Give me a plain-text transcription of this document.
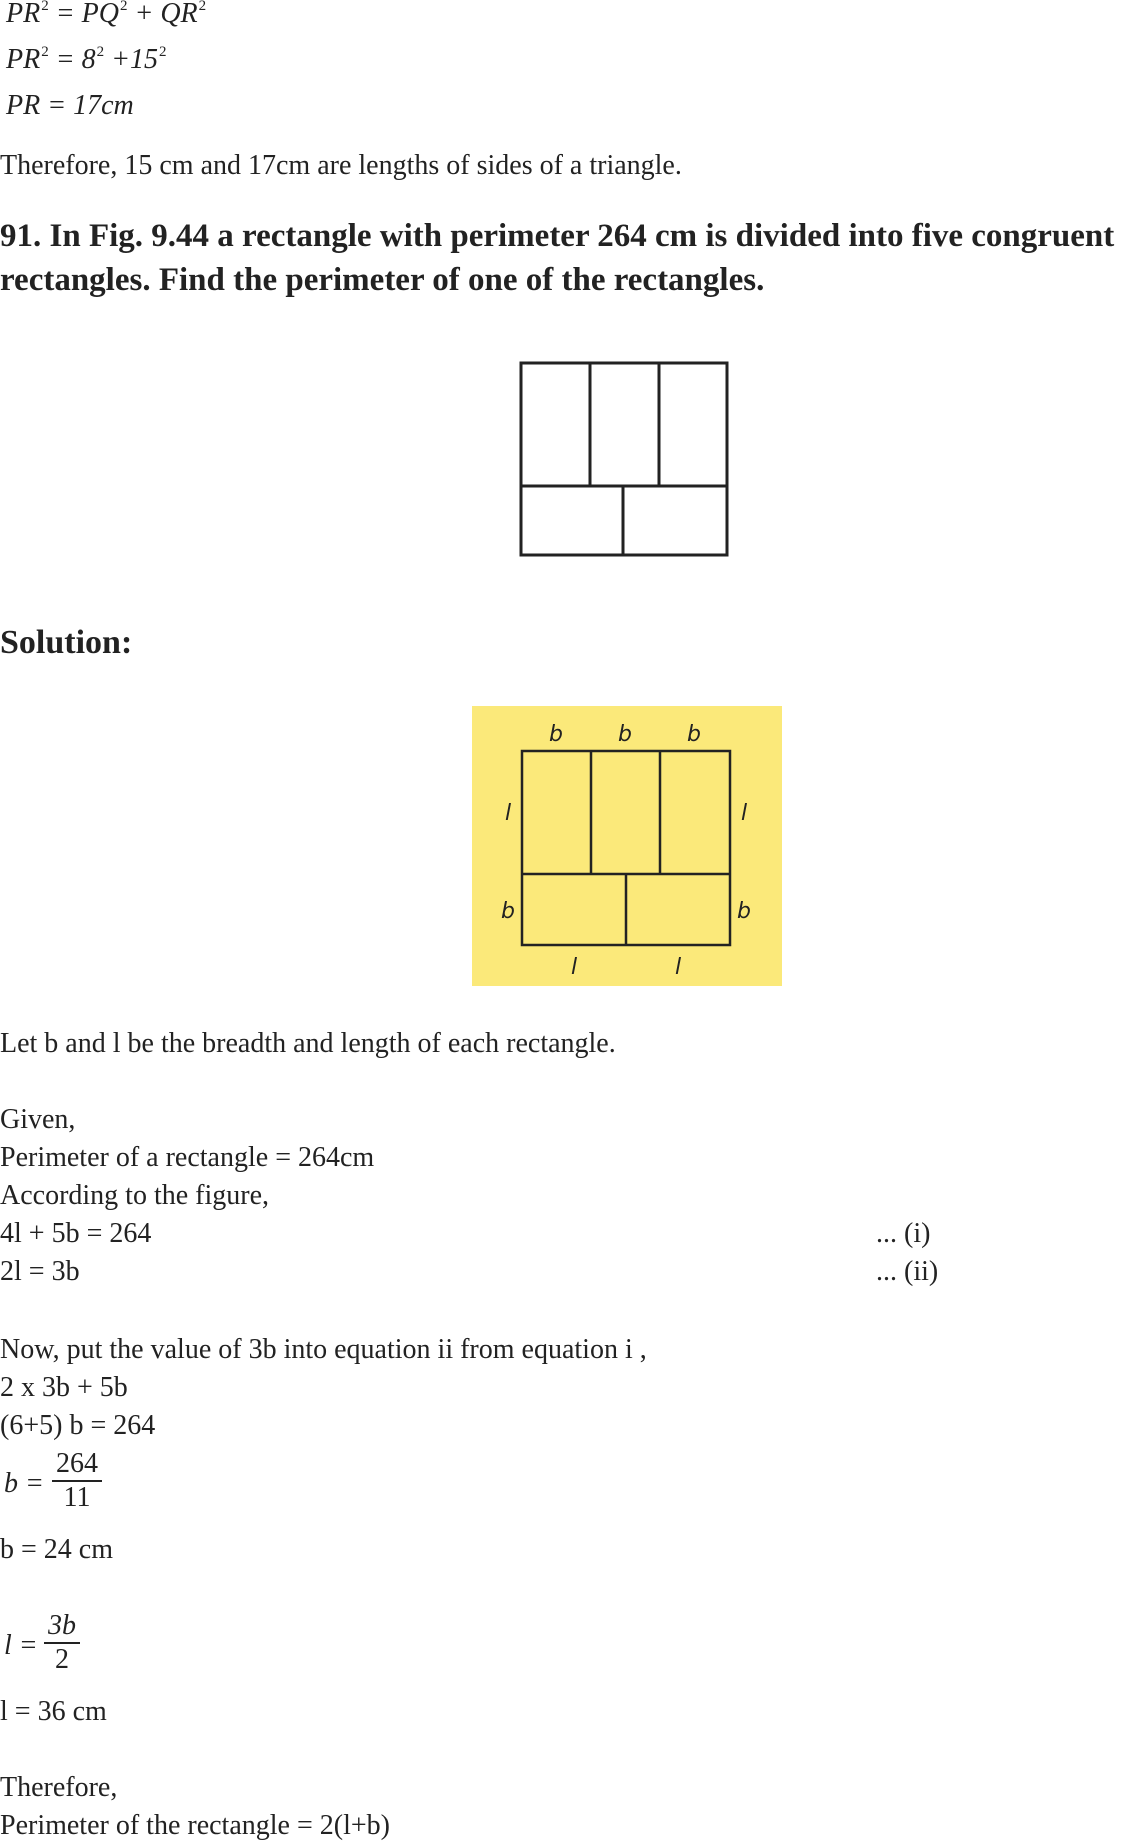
$PR^2 = PQ^2 + QR^2$
$PR^2 = 8^2 +15^2$
PR = 17cm
Therefore, 15 cm and 17cm are lengths of sides of a triangle.
91. In Fig. 9.44 a rectangle with perimeter 264 cm is divided into five congruent rectangles. Find the perimeter of one of the rectangles.
Solution:
b	b	b
l	l
b	b
l	l
Let b and l be the breadth and length of each rectangle.
Given,
Perimeter of a rectangle = 264cm
According to the figure,
4l + 5b = 264	... (i)
2l = 3b	... (ii)
Now, put the value of 3b into equation ii from equation i ,
2 x 3b + 5b
(6+5) b = 264
b =
264
11
b = 24 cm
l =
3b
2
l = 36 cm
Therefore,
Perimeter of the rectangle = 2(l+b)
